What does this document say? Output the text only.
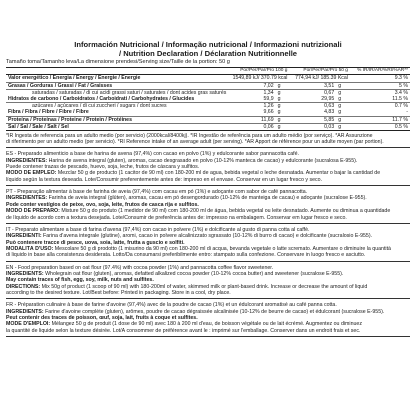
Información Nutricional / Informação nutricional / Informazioni nutrizionali
/ Nutrition Declaration / Déclaration Nutritionnelle
Tamaño toma/Tamanho leva/La dimensione prendesi/Serving size/Taille de la portion: 50 g
	Por/Per/Par/Pro 100 g		Por/Per/Par/Pro 50 g		% IR/IR/AR/%RI/%AR**
Valor energético / Energia / Energy / Energie / Énergie	1549,89 kJ/ 370.79 kcal		774,94 kJ/ 185.39 Kcal		9.3 %
Grasas / Gorduras / Grassi / Fat / Graisses	7,02	g	3,51	g	5 %
saturadas / saturadas / di cui acidi grassi saturi / saturates / dont acides gras saturés	1,34	g	0,67	g	3.4 %
Hidratos de carbono / Carboidratos / Carboidrati / Carbohydrates / Glucides	59,9	g	29,95	g	11.5 %
azúcares / açúcares / di cui zuccheri / sugars / dont sucres	1,26	g	0,63	g	0.7 %
Fibra / Fibra / Fibre / Fibre / Fibre	9,66	g	4,83	g	-
Proteína / Proteínas / Proteine / Protein / Protéines	11,69	g	5,85	g	11.7 %
Sal / Sal / Sale / Salt / Sel	0,06	g	0,03	g	0.5 %
*IR Ingesta de referencia para un adulto medio (por servicio) (2000kcal/8400kj). *IR Ingestão de referência para um adulto médio (por serviço). *AR Assunzione
di riferimento per un adulto medio (per servicio). *RI Reference intake of an average adult (per serving). *AR Apport de référence pour un adulte moyen (par portion).
ES - Preparado alimenticio a base de harina de avena (97,4%) con cacao en polvo (1%) y edulcorante sabor pannacotta café.
INGREDIENTES: Harina de avena integral (gluten), aromas, cacao desgrasado en polvo (10-12% manteca de cacao) y edulcorante (sucralosa E-955).
Puede contener trazas de pescado, huevo, soja, leche, frutos de cáscara y sulfitos.
MODO DE EMPLEO: Mezclar 50 g de producto (1 cacitor de 90 ml) con 180-200 ml de agua, bebida vegetal o leche desnatada. Aumentar o bajar la cantidad de
líquido según la textura deseada. Lote/Consumir preferentemente antes de: impreso en el envase. Conservar en un lugar fresco y seco.
PT - Preparação alimentar à base de farinha de aveia (97,4%) com cacau em pó (1%) e adoçante com sabor de café pannacotta.
INGREDIENTES: Farinha de aveia integral (glúten), aromas, cacau em pó desengordurado (10-12% de manteiga de cacau) e adoçante (sucralose E-955).
Pode conter vestígios de peixe, ovo, soja, leite, frutos de casca rija e sulfitos.
MODO DE PREPARO: Misture 50 g do produto (1 medidor de 90 ml) com 180-200 ml de água, bebida vegetal ou leite desnatado. Aumente ou diminua a quantidade
de líquido de acordo com a textura desejada. Lote/Consumir de preferência antes de: impresso na embalagem. Conservar em lugar fresco e seco.
IT - Preparato alimentare a base di farina d'avena (97,4%) con cacao in polvere (1%) e dolcificante al gusto di panna cotta al caffè.
INGREDIENTI: Farina d'avena integrale (glutine), aromi, cacao in polvere alcalinizzato sgrassato (10-12% di burro di cacao) e dolcificante (sucralosio E-955).
Può contenere tracce di pesce, uova, soia, latte, frutta a guscio e solfiti.
MODALITÀ D'USO: Mescolare 50 g di prodotto (1 misurino da 90 ml) con 180-200 ml di acqua, bevanda vegetale o latte scremato. Aumentare o diminuire la quantità
di liquido in base alla consistenza desiderata. Lotto/Da consumarsi preferibilmente entro: stampato sulla confezione. Conservare in luogo fresco e asciutto.
EN - Food preparation based on oat flour (97.4%) with cocoa powder (1%) and pannacotta coffee flavor sweetener.
INGREDIENTS: Wholegrain oat flour (gluten), aromas, defatted alkalized cocoa powder (10-12% cocoa butter) and sweetener (sucralose E-955).
May contain traces of fish, egg, soy, milk, nuts and sulfites.
DIRECTIONS: Mix 50g of product (1 scoop of 90 ml) with 180-200ml of water, skimmed milk or plant-based drink. Increase or decrease the amount of liquid
according to the desired texture. Lot/Best before: Printed in packaging. Store in a cool, dry place.
FR - Préparation culinaire à base de farine d'avoine (97,4%) avec de la poudre de cacao (1%) et un édulcorant aromatisé au café panna cotta.
INGRÉDIENTS: Farine d'avoine complète (gluten), arômes, poudre de cacao dégraissée alcalinisée (10-12% de beurre de cacao) et édulcorant (sucralose E-955).
Peut contenir des traces de poisson, œuf, soja, lait, fruits à coque et sulfites.
MODE D'EMPLOI: Mélangez 50 g de produit (1 dose de 90 ml) avec 180 à 200 ml d'eau, de boisson végétale ou de lait écrémé. Augmentez ou diminuez
la quantité de liquide selon la texture désirée. Lot/À consommer de préférence avant le : imprimé sur l'emballage. Conserver dans un endroit frais et sec.
